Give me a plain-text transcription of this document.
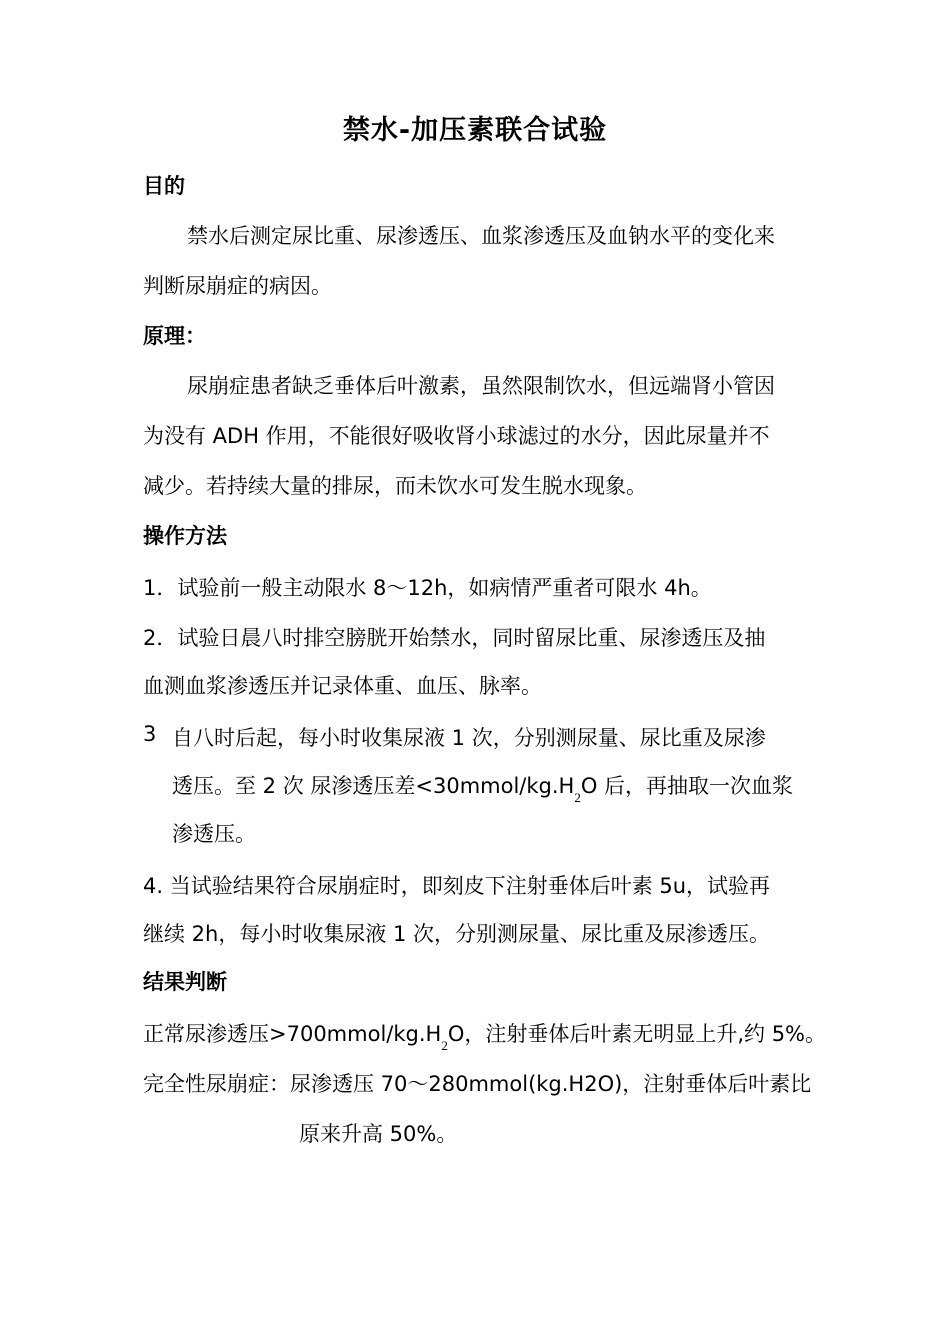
禁水-加压素联合试验
目的
禁水后测定尿比重、尿渗透压、血浆渗透压及血钠水平的变化来
判断尿崩症的病因。
原理：
尿崩症患者缺乏垂体后叶激素，虽然限制饮水，但远端肾小管因
为没有 ADH 作用，不能很好吸收肾小球滤过的水分，因此尿量并不
减少。若持续大量的排尿，而未饮水可发生脱水现象。
操作方法
1．试验前一般主动限水 8～12h，如病情严重者可限水 4h。
2．试验日晨八时排空膀胱开始禁水，同时留尿比重、尿渗透压及抽
血测血浆渗透压并记录体重、血压、脉率。
3 自八时后起，每小时收集尿液 1 次，分别测尿量、尿比重及尿渗
透压。至 2 次 尿渗透压差$<30mmol/kg.H_2O$ 后，再抽取一次血浆
渗透压。
4. 当试验结果符合尿崩症时，即刻皮下注射垂体后叶素 5u，试验再
继续 2h，每小时收集尿液 1 次，分别测尿量、尿比重及尿渗透压。
结果判断
正常尿渗透压$>700mmol/kg.H_2O$，注射垂体后叶素无明显上升,约 5%。
完全性尿崩症：尿渗透压 70～280mmol(kg.H2O)，注射垂体后叶素比
原来升高 50%。
